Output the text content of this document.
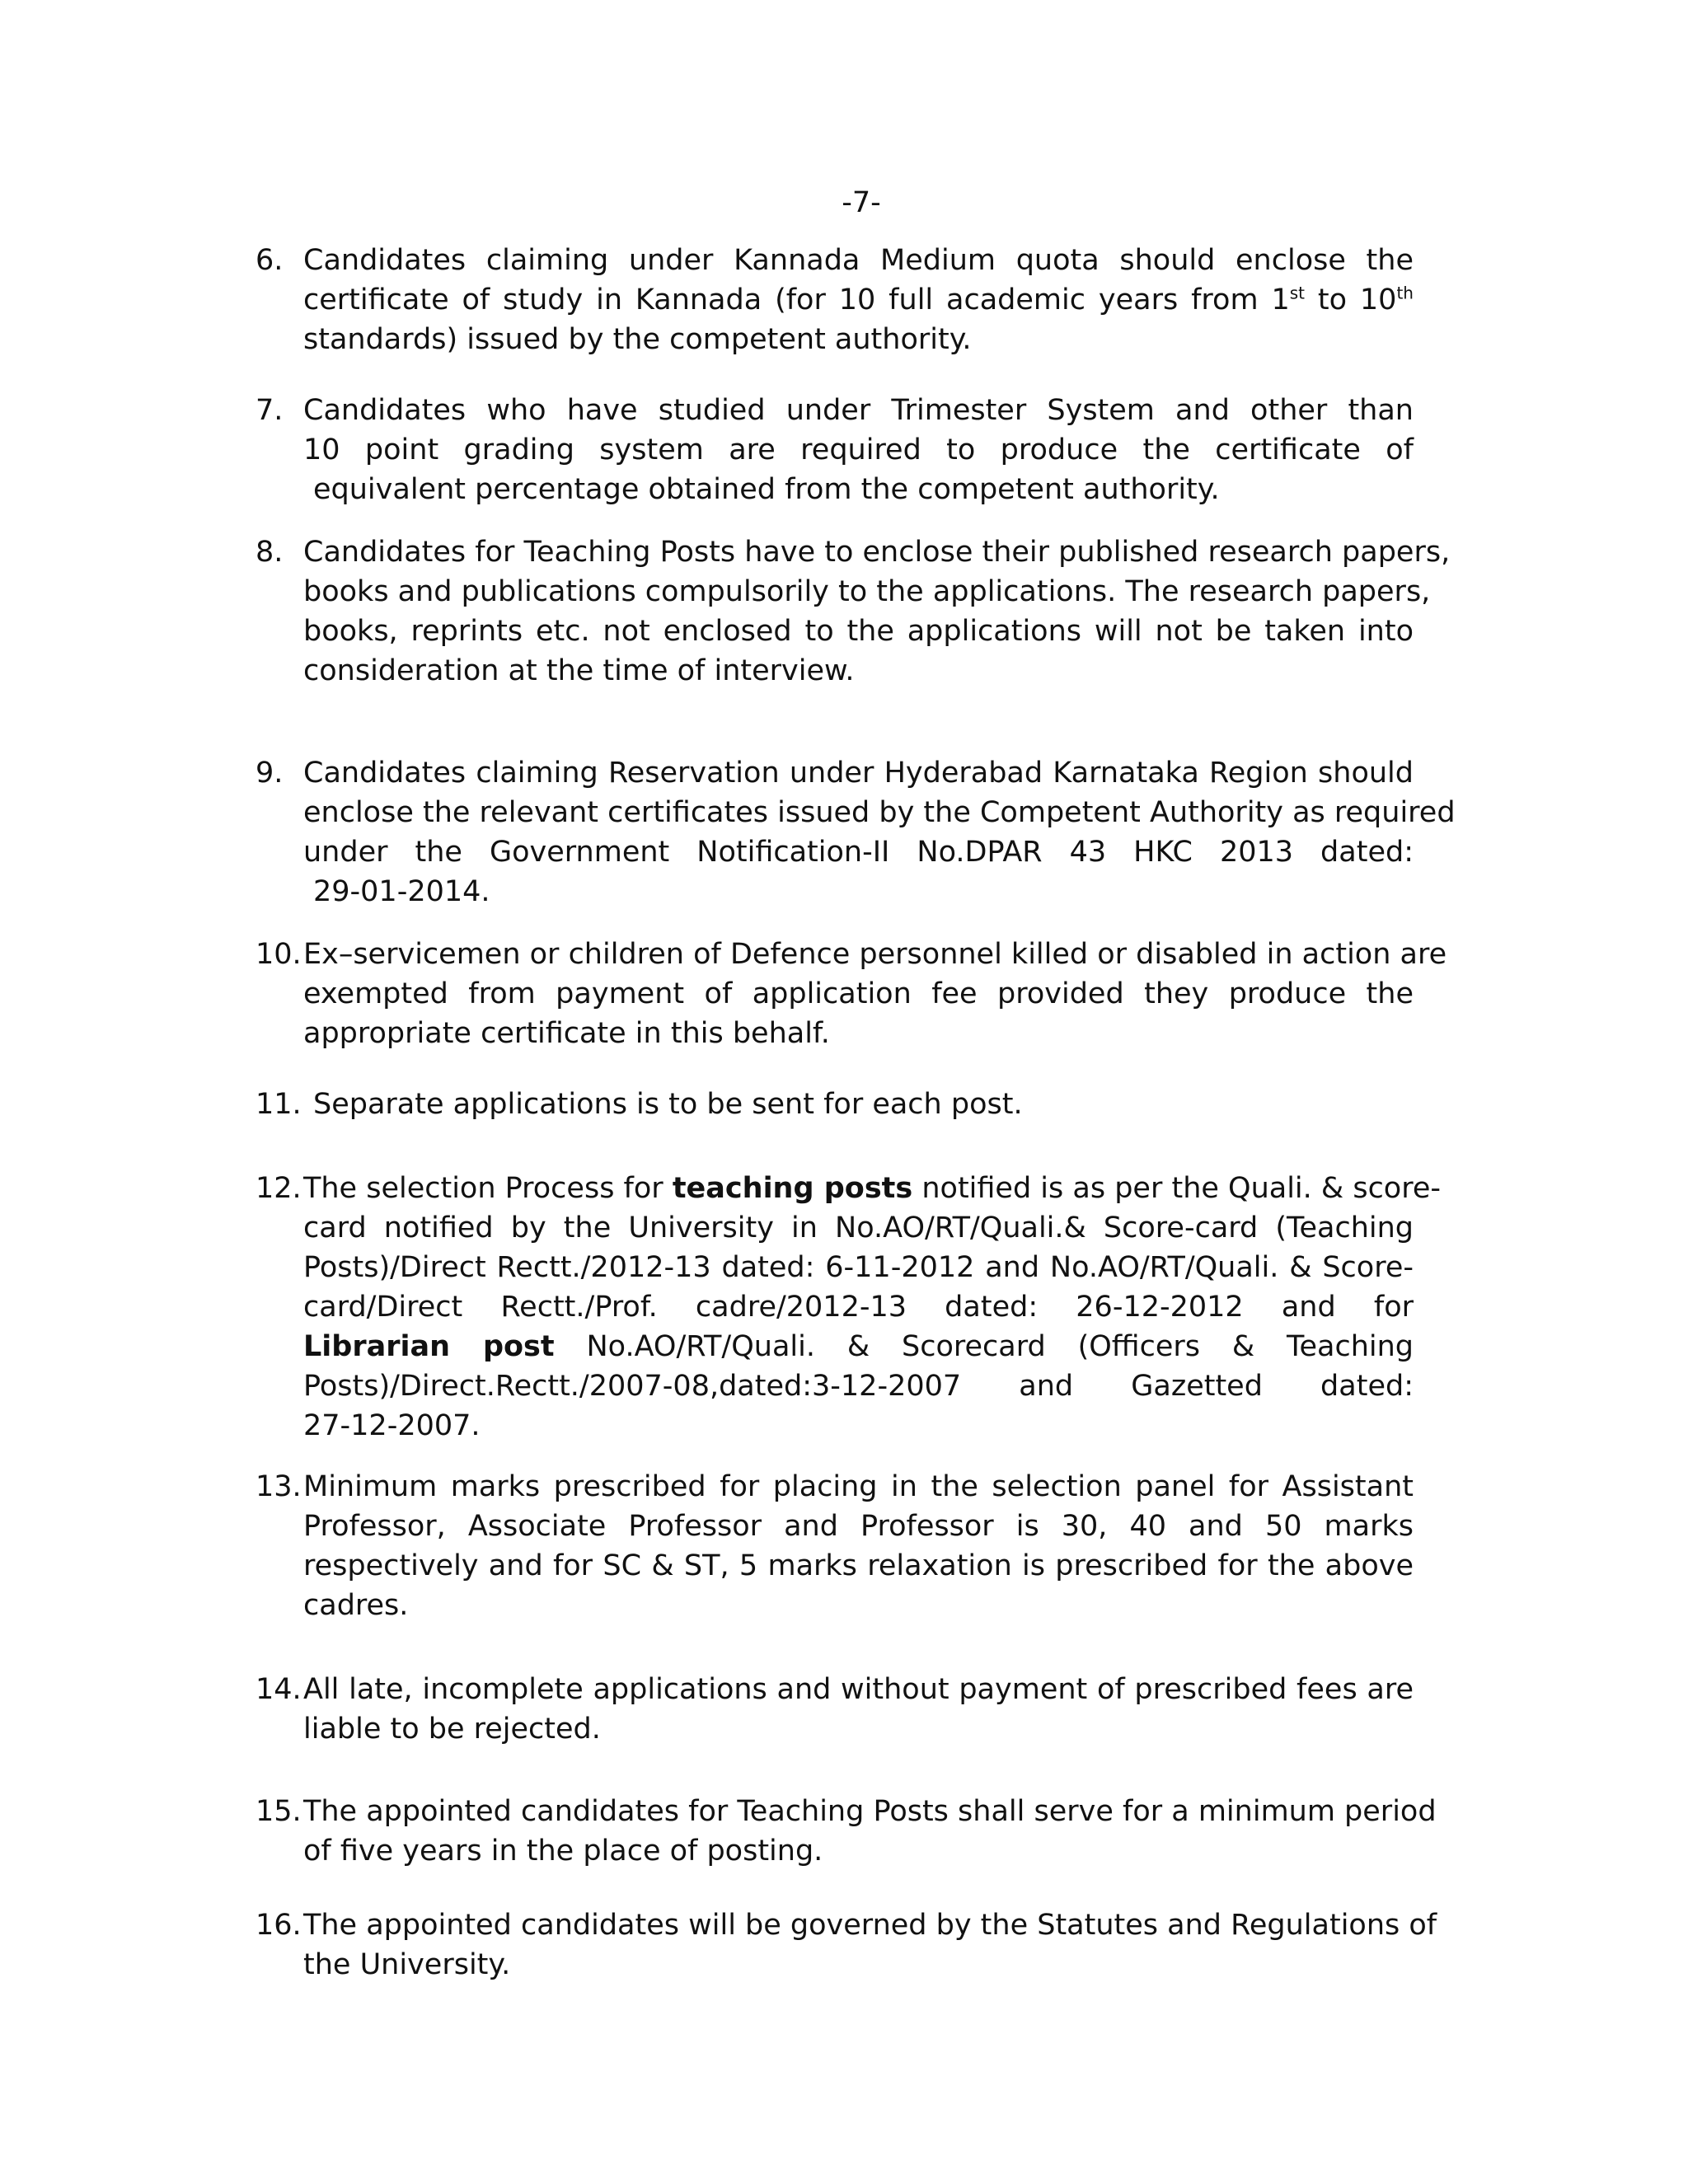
-7-
6. Candidates claiming under Kannada Medium quota should enclose the
certificate of study in Kannada (for 10 full academic years from 1st to 10th
standards) issued by the competent authority.
7. Candidates who have studied under Trimester System and other than
10 point grading system are required to produce the certificate of
equivalent percentage obtained from the competent authority.
8. Candidates for Teaching Posts have to enclose their published research papers,
books and publications compulsorily to the applications. The research papers,
books, reprints etc. not enclosed to the applications will not be taken into
consideration at the time of interview.
9. Candidates claiming Reservation under Hyderabad Karnataka Region should
enclose the relevant certificates issued by the Competent Authority as required
under the Government Notification-II No.DPAR 43 HKC 2013 dated:
29-01-2014.
10. Ex–servicemen or children of Defence personnel killed or disabled in action are
exempted from payment of application fee provided they produce the
appropriate certificate in this behalf.
11. Separate applications is to be sent for each post.
12. The selection Process for teaching posts notified is as per the Quali. & score-
card notified by the University in No.AO/RT/Quali.& Score-card (Teaching
Posts)/Direct Rectt./2012-13 dated: 6-11-2012 and No.AO/RT/Quali. & Score-
card/Direct Rectt./Prof. cadre/2012-13 dated: 26-12-2012 and for
Librarian post No.AO/RT/Quali. & Scorecard (Officers & Teaching
Posts)/Direct.Rectt./2007-08,dated:3-12-2007 and Gazetted dated:
27-12-2007.
13. Minimum marks prescribed for placing in the selection panel for Assistant
Professor, Associate Professor and Professor is 30, 40 and 50 marks
respectively and for SC & ST, 5 marks relaxation is prescribed for the above
cadres.
14. All late, incomplete applications and without payment of prescribed fees are
liable to be rejected.
15. The appointed candidates for Teaching Posts shall serve for a minimum period
of five years in the place of posting.
16. The appointed candidates will be governed by the Statutes and Regulations of
the University.
